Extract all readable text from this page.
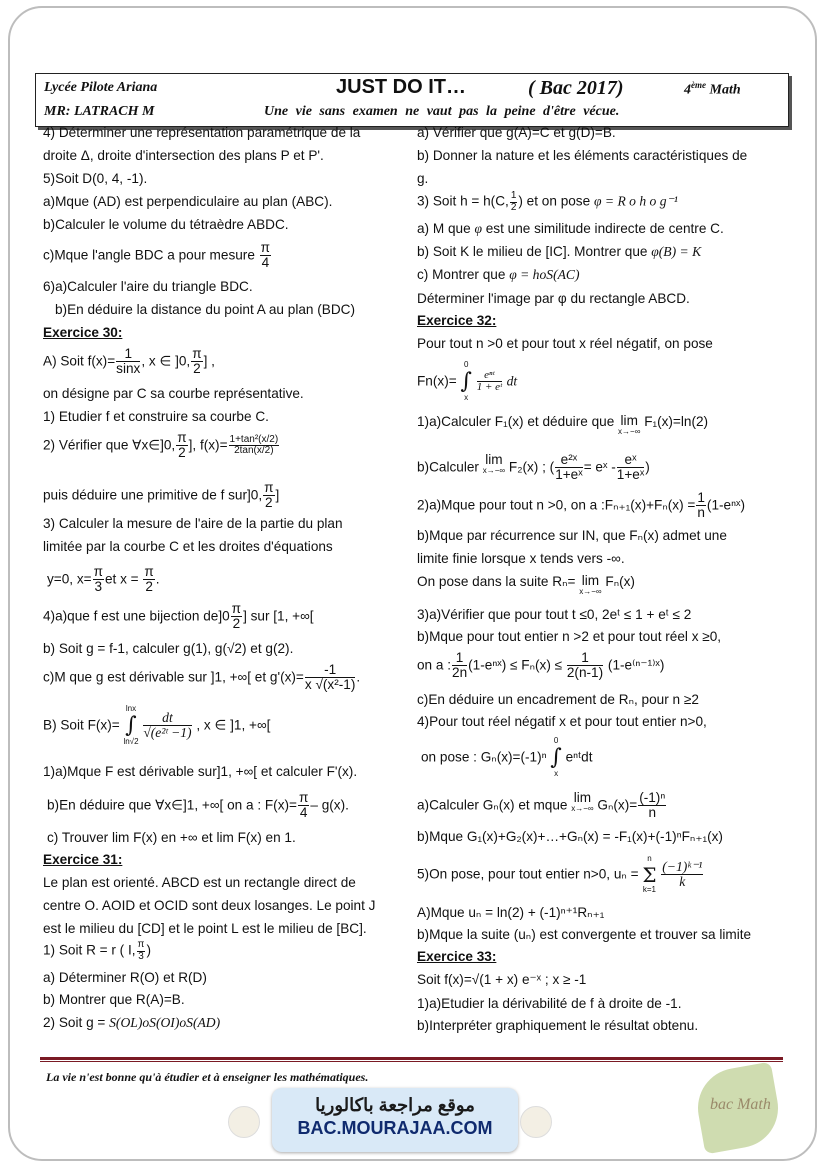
Lycée Pilote Ariana
MR: LATRACH M
JUST DO IT…	( Bac 2017)	4ème Math
Une vie sans examen ne vaut pas la peine d'être vécue.
4) Déterminer une représentation paramétrique de la
droite Δ, droite d'intersection des plans P et P'.
5)Soit D(0, 4, -1).
a)Mque (AD) est perpendiculaire au plan (ABC).
b)Calculer le volume du tétraèdre ABDC.
c)Mque l'angle BDC a pour mesure $\frac{\pi}{4}$
6)a)Calculer l'aire du triangle BDC.
b)En déduire la distance du point A au plan (BDC)
Exercice 30:
A) Soit $f(x)= \frac{1}{\sin x}$ , x ∈ ]0, $\frac{\pi}{2}$ ] ,
on désigne par C sa courbe représentative.
1) Etudier f et construire sa courbe C.
2) Vérifier que ∀x∈]0, $\frac{\pi}{2}$ ], $f(x)= \frac{\text{1+tan²(x/2)}}{2\tan(x/2)}$
puis déduire une primitive de f sur]0, $\frac{\pi}{2}$ ]
3) Calculer la mesure de l'aire de la partie du plan
limitée par la courbe C et les droites d'équations
y=0, $x= \frac{\pi}{3}$ et $x = \frac{\pi}{2}$ .
4)a)que f est une bijection $de]0 \frac{\pi}{2}$ ] sur [1, +∞[
b) Soit g = f-1, calculer g(1), g(√2) et g(2).
c)M que g est dérivable sur ]1, +∞[ et $g'(x)= \frac{-1}{\text{x √(x²-1)}}$ .
B) Soit F(x)=
lnx
∫
ln√2

$\frac{dt}{\text{√(e²ᵗ −1)}}$ , x ∈ ]1, +∞[
1)a)Mque F est dérivable sur]1, +∞[ et calculer F'(x).
b)En déduire que ∀x∈]1, +∞[ on a : $F(x)= \frac{\pi}{4} - g(x)$.
c) Trouver lim F(x) en +∞ et lim F(x) en 1.
Exercice 31:
Le plan est orienté. ABCD est un rectangle direct de
centre O. AOID et OCID sont deux losanges. Le point J
est le milieu du [CD] et le point L est le milieu de [BC].
1) Soit R = r ( I, $\frac{\pi}{3}$ )
a) Déterminer R(O) et R(D)
b) Montrer que R(A)=B.
2) Soit g = S(OL)oS(OI)oS(AD)
a) Vérifier que g(A)=C et g(D)=B.
b) Donner la nature et les éléments caractéristiques de
g.
3) Soit h = h(C, $\frac{1}{2}$ ) et on pose φ = R o h o g⁻¹
a) M que φ est une similitude indirecte de centre C.
b) Soit K le milieu de [IC]. Montrer que φ(B) = K
c) Montrer que φ = hoS(AC)
Déterminer l'image par φ du rectangle ABCD.
Exercice 32:
Pour tout n >0 et pour tout x réel négatif, on pose
Fn(x)=
0
∫
x

$\frac{\text{eⁿᵗ}}{\text{1 + eᵗ}}$ dt
1)a)Calculer F₁(x) et déduire que lim
x→−∞
F₁(x)=ln(2)
b)Calculer lim
x→−∞ F₂(x) ; ( $\frac{\text{e²ˣ}}{\text{1+eˣ}}$ = eˣ - $\frac{\text{eˣ}}{\text{1+eˣ}}$ )
2)a)Mque pour tout n >0, on a :Fₙ₊₁(x)+Fₙ(x) = $\frac{1}{n}$ (1-eⁿˣ)
b)Mque par récurrence sur IN, que Fₙ(x) admet une
limite finie lorsque x tends vers -∞.
On pose dans la suite Rₙ= lim
x→−∞
Fₙ(x)
3)a)Vérifier que pour tout t ≤0, 2eᵗ ≤ 1 + eᵗ ≤ 2
b)Mque pour tout entier n >2 et pour tout réel x ≥0,
on a : $\frac{1}{2n}$ (1-eⁿˣ) ≤ $F_n(x) \le \frac{1}{2(n-1)}$ (1-e⁽ⁿ⁻¹⁾ˣ)
c)En déduire un encadrement de Rₙ, pour n ≥2
4)Pour tout réel négatif x et pour tout entier n>0,
on pose : Gₙ(x)=(-1)ⁿ
0
∫
x
eⁿᵗdt
a)Calculer Gₙ(x) et mque lim
x→−∞ $G_n(x)= \frac{\text{(-1)ⁿ}}{n}$
b)Mque G₁(x)+G₂(x)+…+Gₙ(x) = -F₁(x)+(-1)ⁿFₙ₊₁(x)
5)On pose, pour tout entier n>0, uₙ =
n
Σ
k=1
$\frac{\text{(−1)ᵏ⁻¹}}{k}$
A)Mque uₙ = ln(2) + (-1)ⁿ⁺¹Rₙ₊₁
b)Mque la suite (uₙ) est convergente et trouver sa limite
Exercice 33:
Soit f(x)=√(1 + x) e⁻ˣ ; x ≥ -1
1)a)Etudier la dérivabilité de f à droite de -1.
b)Interpréter graphiquement le résultat obtenu.
La vie n'est bonne qu'à étudier et à enseigner les mathématiques.
موقع مراجعة باكالوريا
BAC.MOURAJAA.COM
bac Math
